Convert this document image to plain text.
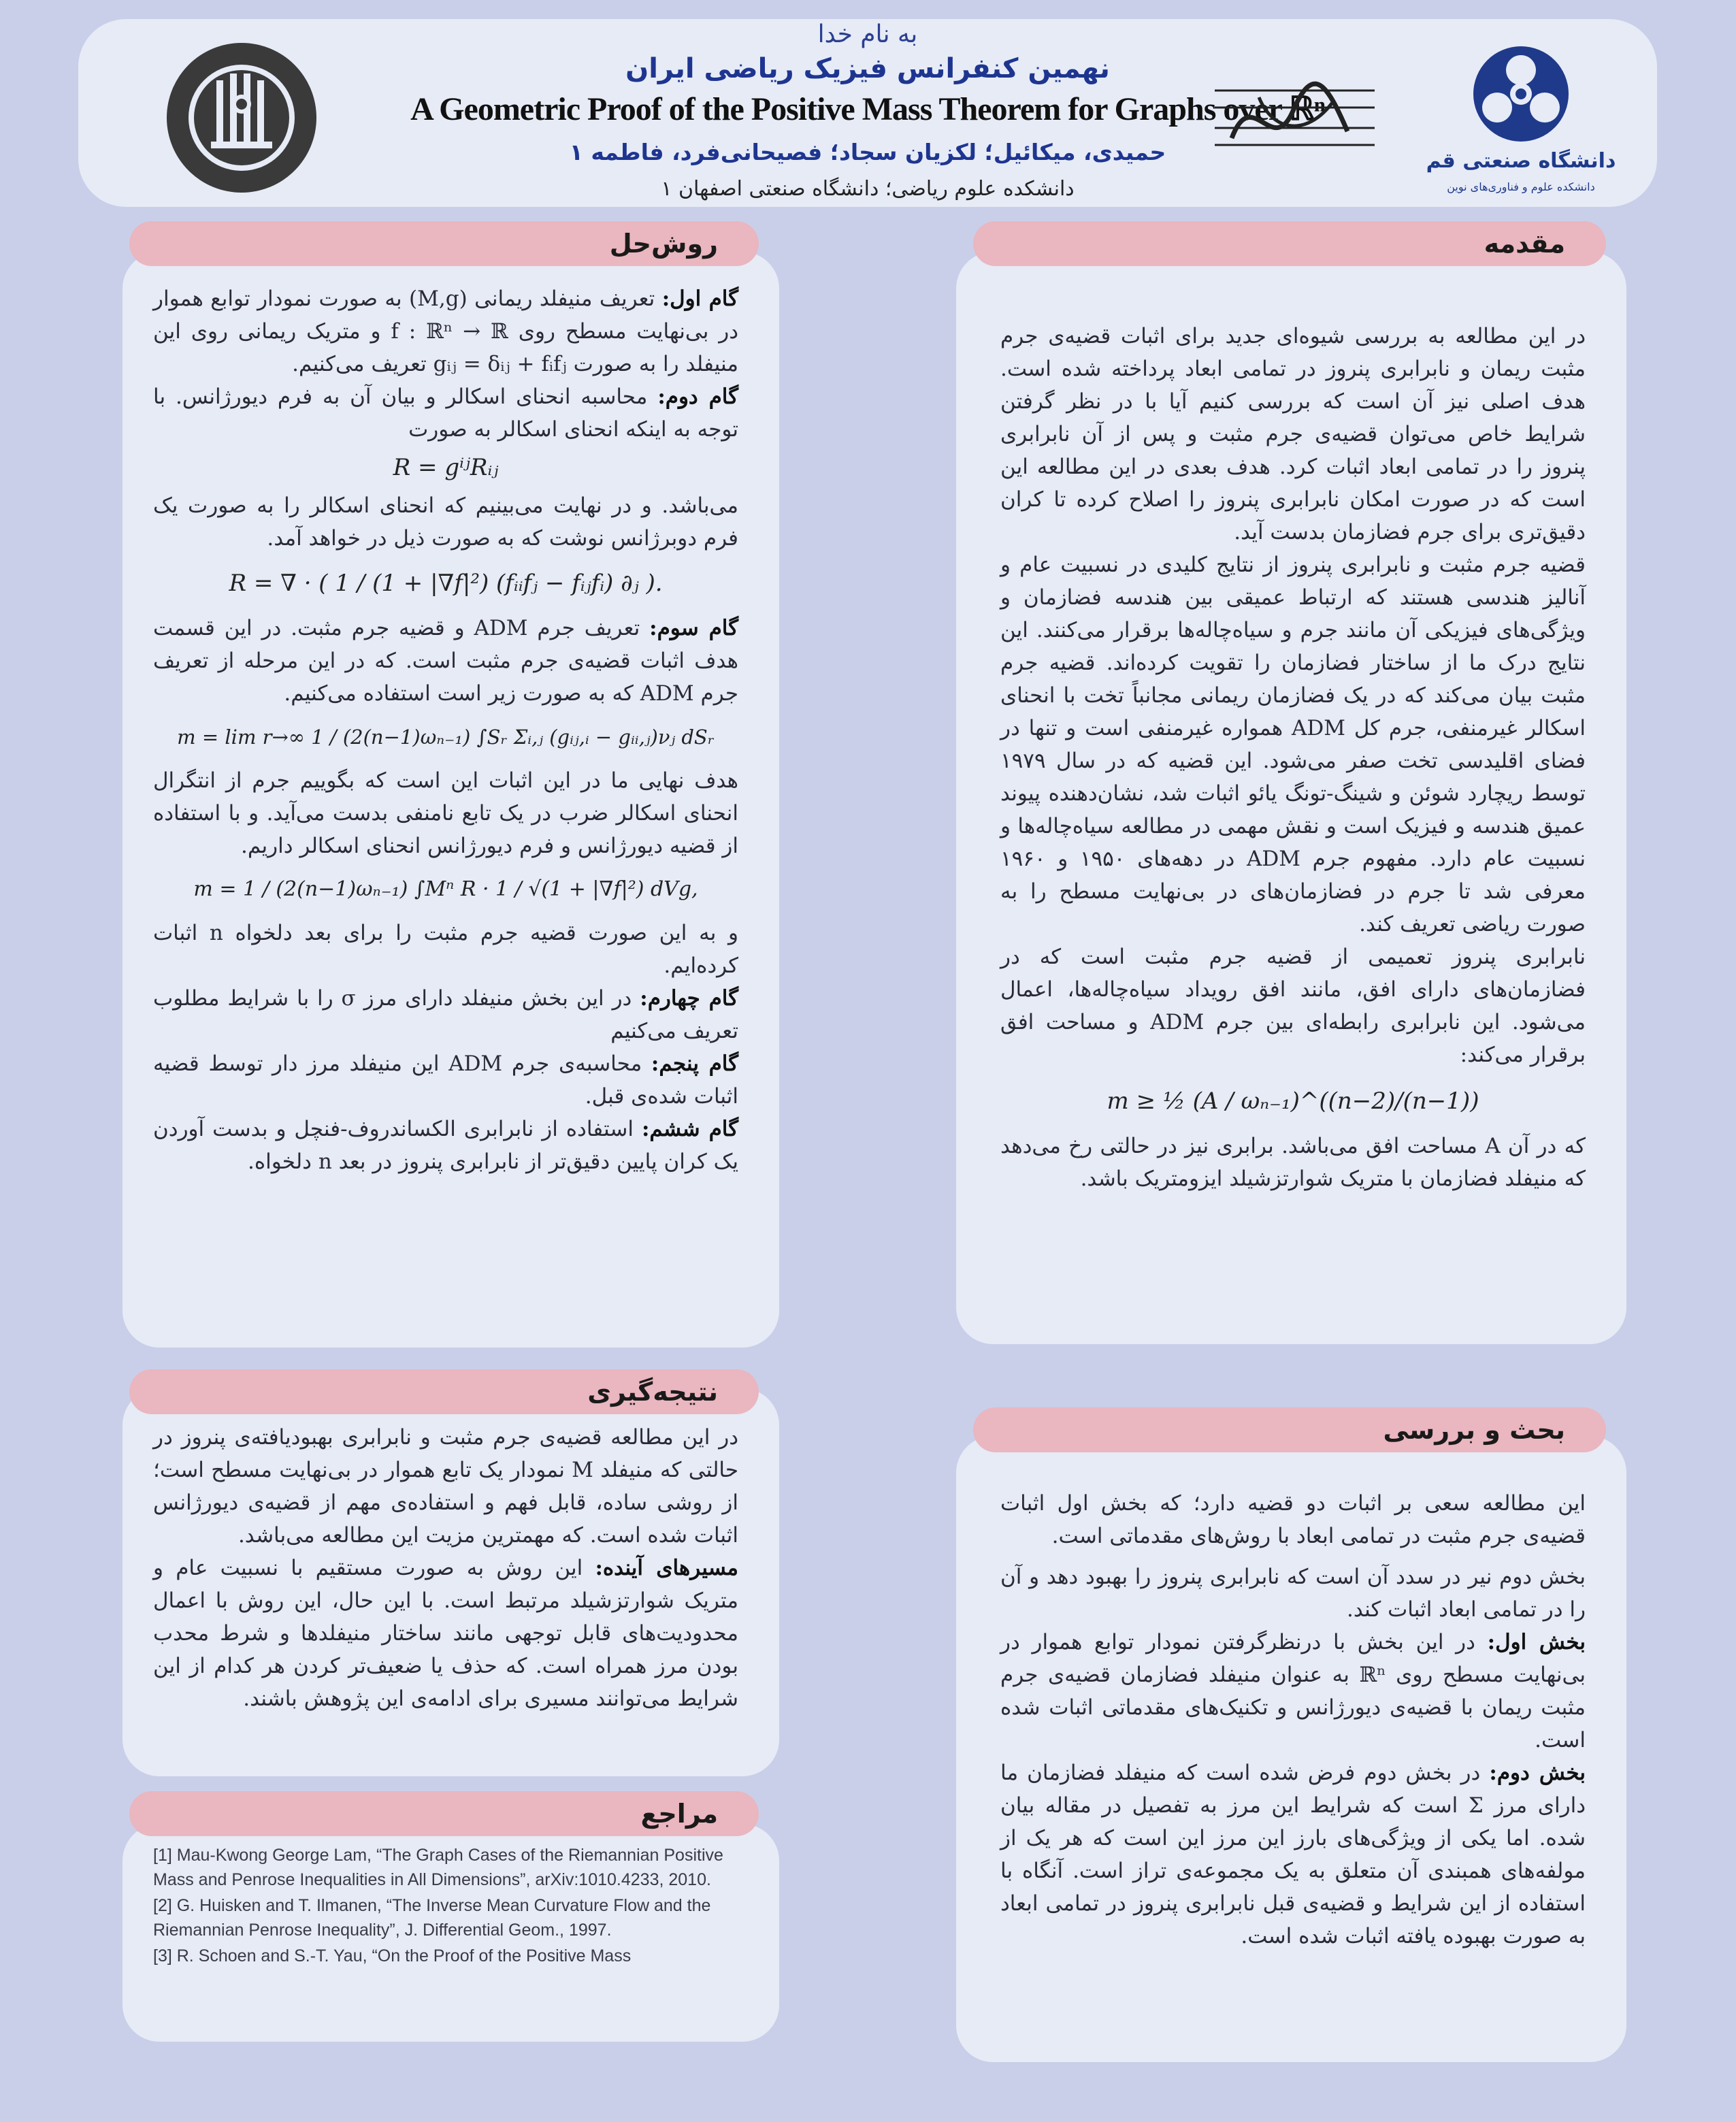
به نام خدا
نهمین کنفرانس فیزیک ریاضی ایران
A Geometric Proof of the Positive Mass Theorem for Graphs over ℝⁿ
حمیدی، میکائیل؛ لکزیان سجاد؛ فصیحانی‌فرد، فاطمه ۱
۱ دانشکده علوم ریاضی؛ دانشگاه صنعتی اصفهان
دانشگاه صنعتی قم
دانشکده علوم و فناوری‌های نوین
مقدمه

در این مطالعه به بررسی شیوه‌ای جدید برای اثبات قضیه‌ی جرم مثبت ریمان و نابرابری پنروز در تمامی ابعاد پرداخته شده است. هدف اصلی نیز آن است که بررسی کنیم آیا با در نظر گرفتن شرایط خاص می‌توان قضیه‌ی جرم مثبت و پس از آن نابرابری پنروز را در تمامی ابعاد اثبات کرد. هدف بعدی در این مطالعه این است که در صورت امکان نابرابری پنروز را اصلاح کرده تا کران دقیق‌تری برای جرم فضازمان بدست آید.

قضیه جرم مثبت و نابرابری پنروز از نتایج کلیدی در نسبیت عام و آنالیز هندسی هستند که ارتباط عمیقی بین هندسه فضازمان و ویژگی‌های فیزیکی آن مانند جرم و سیاه‌چاله‌ها برقرار می‌کنند. این نتایج درک ما از ساختار فضازمان را تقویت کرده‌اند. قضیه جرم مثبت بیان می‌کند که در یک فضازمان ریمانی مجانباً تخت با انحنای اسکالر غیرمنفی، جرم کل ADM همواره غیرمنفی است و تنها در فضای اقلیدسی تخت صفر می‌شود. این قضیه که در سال ۱۹۷۹ توسط ریچارد شوئن و شینگ-تونگ یائو اثبات شد، نشان‌دهنده پیوند عمیق هندسه و فیزیک است و نقش مهمی در مطالعه سیاه‌چاله‌ها و نسبیت عام دارد. مفهوم جرم ADM در دهه‌های ۱۹۵۰ و ۱۹۶۰ معرفی شد تا جرم در فضازمان‌های در بی‌نهایت مسطح را به صورت ریاضی تعریف کند.

نابرابری پنروز تعمیمی از قضیه جرم مثبت است که در فضازمان‌های دارای افق، مانند افق رویداد سیاه‌چاله‌ها، اعمال می‌شود. این نابرابری رابطه‌ای بین جرم ADM و مساحت افق برقرار می‌کند:

m ≥ ½ (A / ωₙ₋₁)^((n−2)/(n−1))

که در آن A مساحت افق می‌باشد. برابری نیز در حالتی رخ می‌دهد که منیفلد فضازمان با متریک شوارتزشیلد ایزومتریک باشد.

بحث و بررسی

این مطالعه سعی بر اثبات دو قضیه دارد؛ که بخش اول اثبات قضیه‌ی جرم مثبت در تمامی ابعاد با روش‌های مقدماتی است.

بخش دوم نیر در سدد آن است که نابرابری پنروز را بهبود دهد و آن را در تمامی ابعاد اثبات کند.

بخش اول: در این بخش با درنظرگرفتن نمودار توابع هموار در بی‌نهایت مسطح روی ℝⁿ به عنوان منیفلد فضازمان قضیه‌ی جرم مثبت ریمان با قضیه‌ی دیورژانس و تکنیک‌های مقدماتی اثبات شده است.

بخش دوم: در بخش دوم فرض شده است که منیفلد فضازمان ما دارای مرز Σ است که شرایط این مرز به تفصیل در مقاله بیان شده. اما یکی از ویژگی‌های بارز این مرز این است که هر یک از مولفه‌های همبندی آن متعلق به یک مجموعه‌ی تراز است. آنگاه با استفاده از این شرایط و قضیه‌ی قبل نابرابری پنروز در تمامی ابعاد به صورت بهبوده یافته اثبات شده است.

روش‌حل

گام اول: تعریف منیفلد ریمانی (M,g) به صورت نمودار توابع هموار در بی‌نهایت مسطح روی f : ℝⁿ → ℝ و متریک ریمانی روی این منیفلد را به صورت gᵢⱼ = δᵢⱼ + fᵢfⱼ تعریف می‌کنیم.

گام دوم: محاسبه انحنای اسکالر و بیان آن به فرم دیورژانس. با توجه به اینکه انحنای اسکالر به صورت

R = gⁱʲRᵢⱼ

می‌باشد. و در نهایت می‌بینیم که انحنای اسکالر را به صورت یک فرم دوبرژانس نوشت که به صورت ذیل در خواهد آمد.

R = ∇ · ( 1 / (1 + |∇f|²) (fᵢᵢfⱼ − fᵢⱼfᵢ) ∂ⱼ ).

گام سوم: تعریف جرم ADM و قضیه جرم مثبت. در این قسمت هدف اثبات قضیه‌ی جرم مثبت است. که در این مرحله از تعریف جرم ADM که به صورت زیر است استفاده می‌کنیم.

m = lim r→∞ 1 / (2(n−1)ωₙ₋₁) ∫Sᵣ Σᵢ,ⱼ (gᵢⱼ,ᵢ − gᵢᵢ,ⱼ)νⱼ dSᵣ

هدف نهایی ما در این اثبات این است که بگوییم جرم از انتگرال انحنای اسکالر ضرب در یک تابع نامنفی بدست می‌آید. و با استفاده از قضیه دیورژانس و فرم دیورژانس انحنای اسکالر داریم.

m = 1 / (2(n−1)ωₙ₋₁) ∫Mⁿ R · 1 / √(1 + |∇f|²) dVg,

و به این صورت قضیه جرم مثبت را برای بعد دلخواه n اثبات کرده‌ایم.

گام چهارم: در این بخش منیفلد دارای مرز σ را با شرایط مطلوب تعریف می‌کنیم

گام پنجم: محاسبه‌ی جرم ADM این منیفلد مرز دار توسط قضیه اثبات شده‌ی قبل.

گام ششم: استفاده از نابرابری الکساندروف-فنچل و بدست آوردن یک کران پایین دقیق‌تر از نابرابری پنروز در بعد n دلخواه.

نتیجه‌گیری

در این مطالعه قضیه‌ی جرم مثبت و نابرابری بهبودیافته‌ی پنروز در حالتی که منیفلد M نمودار یک تابع هموار در بی‌نهایت مسطح است؛ از روشی ساده، قابل فهم و استفاده‌ی مهم از قضیه‌ی دیورژانس اثبات شده است. که مهمترین مزیت این مطالعه می‌باشد.

مسیرهای آینده: این روش به صورت مستقیم با نسبیت عام و متریک شوارتزشیلد مرتبط است. با این حال، این روش با اعمال محدودیت‌های قابل توجهی مانند ساختار منیفلدها و شرط محدب بودن مرز همراه است. که حذف یا ضعیف‌تر کردن هر کدام از این شرایط می‌توانند مسیری برای ادامه‌ی این پژوهش باشند.

مراجع

[1] Mau-Kwong George Lam, “The Graph Cases of the Riemannian Positive Mass and Penrose Inequalities in All Dimensions”, arXiv:1010.4233, 2010.

[2] G. Huisken and T. Ilmanen, “The Inverse Mean Curvature Flow and the Riemannian Penrose Inequality”, J. Differential Geom., 1997.

[3] R. Schoen and S.-T. Yau, “On the Proof of the Positive Mass
